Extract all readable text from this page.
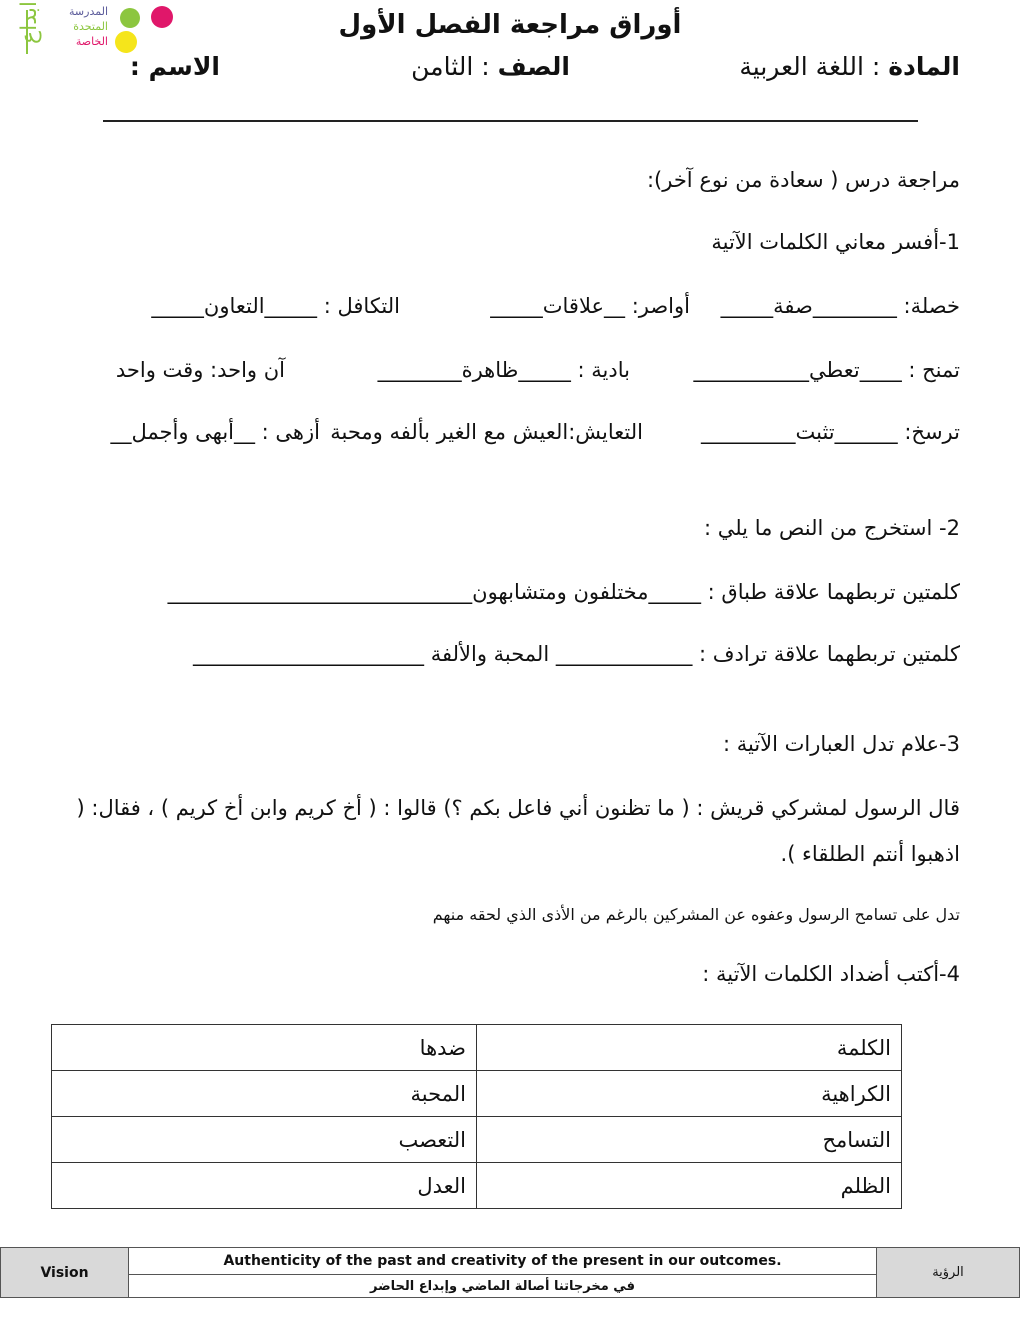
ابداع	المدرسة
المتحدة
الخاصة
أوراق مراجعة الفصل الأول
المادة : اللغة العربية
الصف : الثامن
الاسم :
مراجعة درس ( سعادة من نوع آخر):
1-أفسر معاني الكلمات الآتية
خصلة: ________صفة_____
أواصر: __علاقات_____
التكافل : _____التعاون_____
تمنح : ____تعطي___________
بادية : _____ظاهرة________
آن واحد: وقت واحد
ترسخ: ______تثبت_________
التعايش:العيش مع الغير بألفه ومحبة
أزهى : __أبهى وأجمل__
2- استخرج من النص ما يلي :
كلمتين تربطهما علاقة طباق : _____مختلفون ومتشابهون_____________________________
كلمتين تربطهما علاقة ترادف : _____________ المحبة والألفة ______________________
3-علام تدل العبارات الآتية :
قال الرسول لمشركي قريش : ( ما تظنون أني فاعل بكم ؟) قالوا : ( أخ كريم وابن أخ كريم ) ، فقال: (
اذهبوا أنتم الطلقاء ).
تدل على تسامح الرسول وعفوه عن المشركين بالرغم من الأذى الذي لحقه منهم
4-أكتب أضداد الكلمات الآتية :
ضدها	الكلمة
المحبة	الكراهية
التعصب	التسامح
العدل	الظلم
Vision	Authenticity of the past and creativity of the present in our outcomes.	الرؤية
في مخرجاتنا أصالة الماضي وإبداع الحاضر
